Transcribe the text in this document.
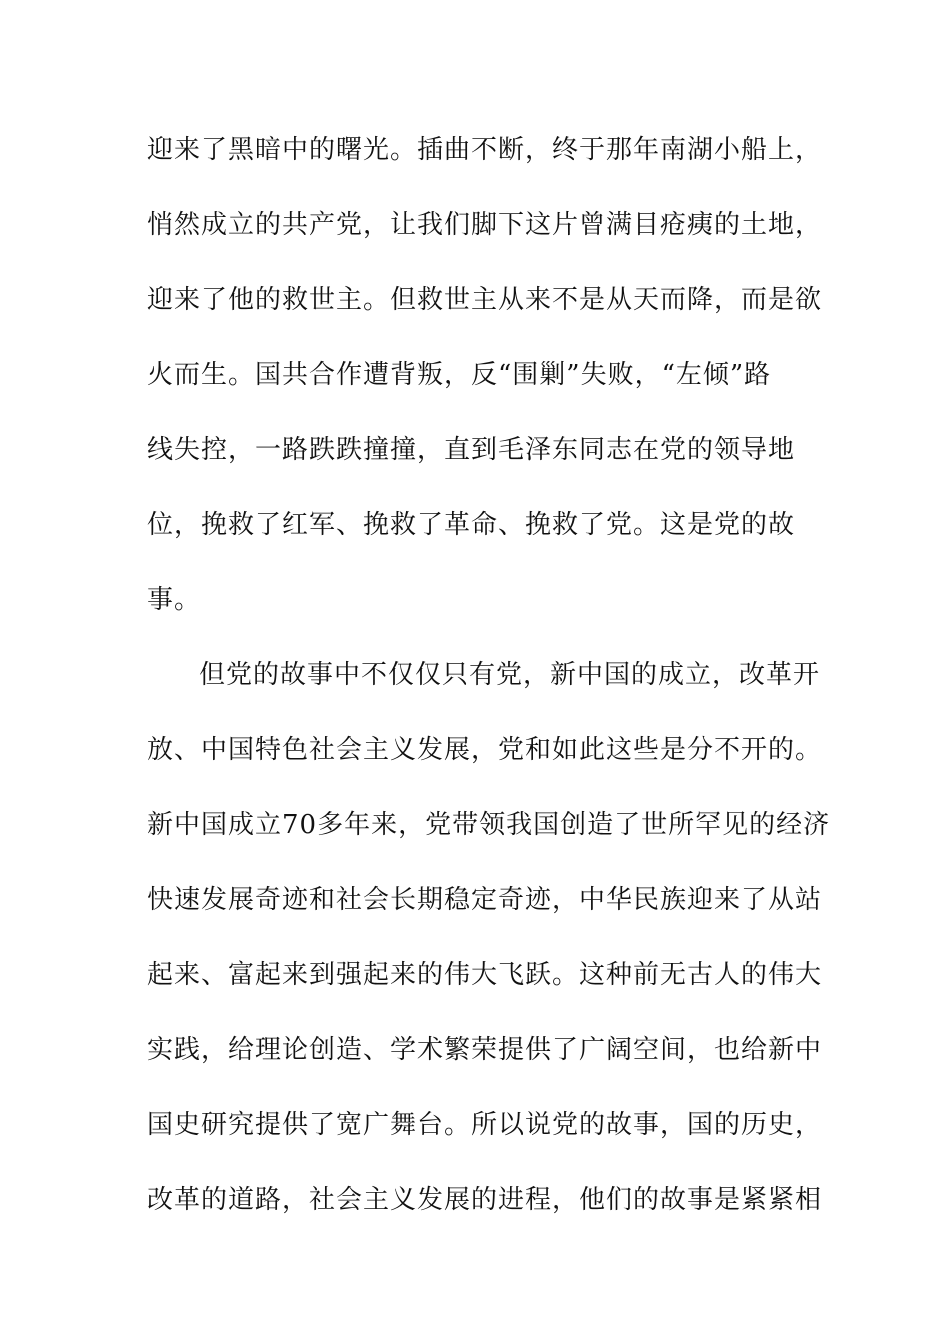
迎来了黑暗中的曙光。插曲不断，终于那年南湖小船上，
悄然成立的共产党，让我们脚下这片曾满目疮痍的土地，
迎来了他的救世主。但救世主从来不是从天而降，而是欲
火而生。国共合作遭背叛，反“围剿”失败，“左倾”路
线失控，一路跌跌撞撞，直到毛泽东同志在党的领导地
位，挽救了红军、挽救了革命、挽救了党。这是党的故
事。
但党的故事中不仅仅只有党，新中国的成立，改革开
放、中国特色社会主义发展，党和如此这些是分不开的。
新中国成立70多年来，党带领我国创造了世所罕见的经济
快速发展奇迹和社会长期稳定奇迹，中华民族迎来了从站
起来、富起来到强起来的伟大飞跃。这种前无古人的伟大
实践，给理论创造、学术繁荣提供了广阔空间，也给新中
国史研究提供了宽广舞台。所以说党的故事，国的历史，
改革的道路，社会主义发展的进程，他们的故事是紧紧相
